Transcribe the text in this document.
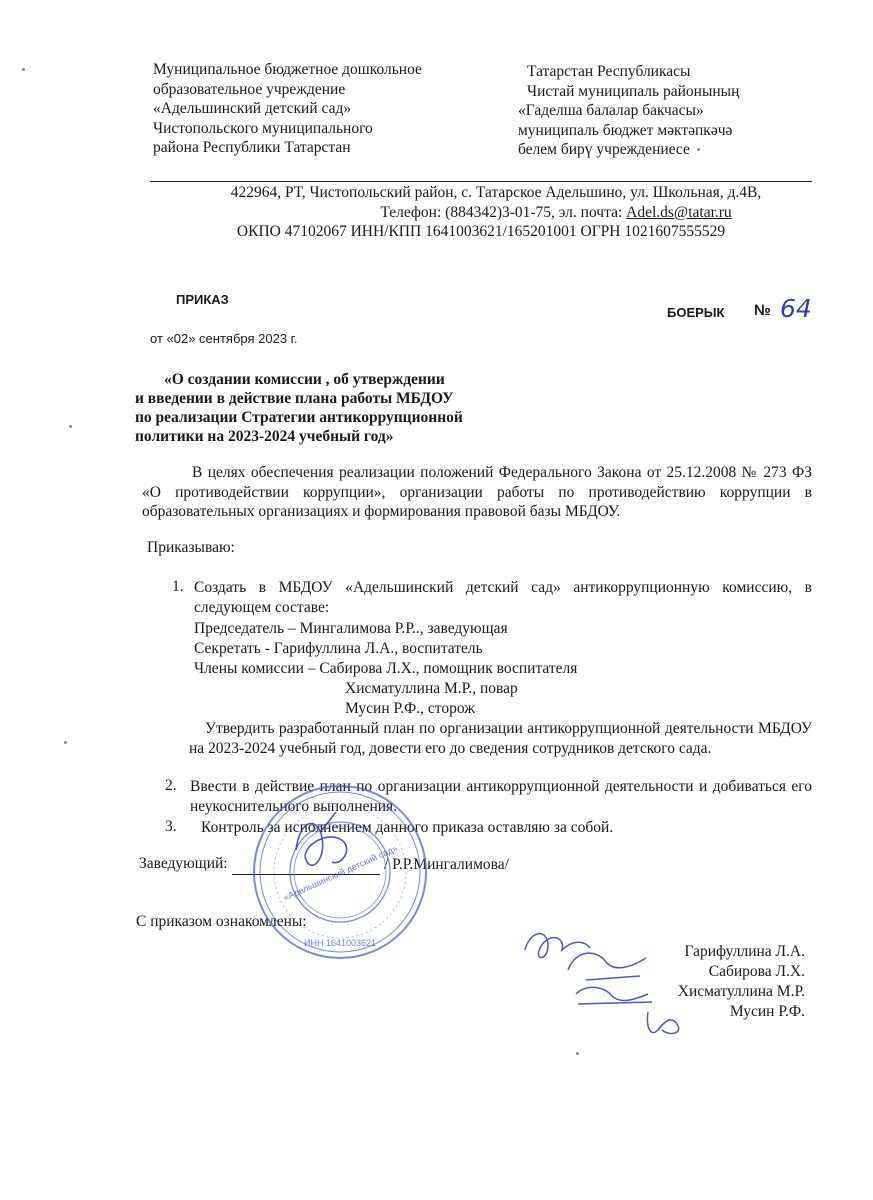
Муниципальное бюджетное дошкольное
образовательное учреждение
«Адельшинский детский сад»
Чистопольского муниципального
района Республики Татарстан
Татарстан Республикасы
Чистай муниципаль районының
«Гаделша балалар бакчасы»
муниципаль бюджет мәктәпкәчә
белем бирү учреждениесе
422964, РТ, Чистопольский район, с. Татарское Адельшино, ул. Школьная, д.4В,
Телефон: (884342)3-01-75, эл. почта: Adel.ds@tatar.ru
ОКПО 47102067 ИНН/КПП 1641003621/165201001 ОГРН 1021607555529
ПРИКАЗ
БОЕРЫК № 64
от «02» сентября 2023 г.
«О создании комиссии , об утверждении
и введении в действие плана работы МБДОУ
по реализации Стратегии антикоррупционной
политики на 2023-2024 учебный год»
В целях обеспечения реализации положений Федерального Закона от 25.12.2008 № 273 ФЗ «О противодействии коррупции», организации работы по противодействию коррупции в образовательных организациях и формирования правовой базы МБДОУ.
Приказываю:
1. Создать в МБДОУ «Адельшинский детский сад» антикоррупционную комиссию, в следующем составе:
Председатель – Мингалимова Р.Р.., заведующая
Секретать - Гарифуллина Л.А., воспитатель
Члены комиссии – Сабирова Л.Х., помощник воспитателя
Хисматуллина М.Р., повар
Мусин Р.Ф., сторож
Утвердить разработанный план по организации антикоррупционной деятельности МБДОУ на 2023-2024 учебный год, довести его до сведения сотрудников детского сада.
2. Ввести в действие план по организации антикоррупционной деятельности и добиваться его неукоснительного выполнения.
3. Контроль за исполнением данного приказа оставляю за собой.
Заведующий:	/ Р.Р.Мингалимова/
С приказом ознакомлены:
Гарифуллина Л.А.
Сабирова Л.Х.
Хисматуллина М.Р.
Мусин Р.Ф.
ИНН 1641003621
«Адельшинский детский сад»
